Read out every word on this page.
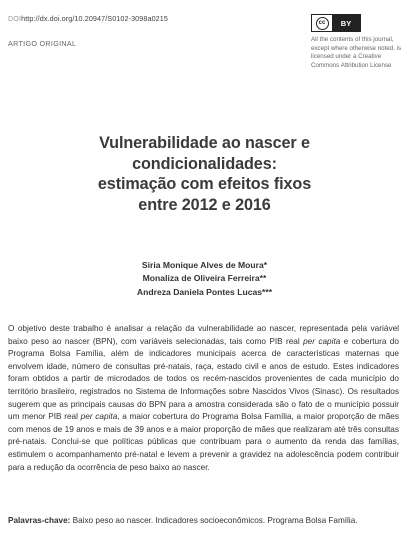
DOIhttp://dx.doi.org/10.20947/S0102-3098a0215
ARTIGO ORIGINAL
cc	BY
All the contents of this journal, except where otherwise noted, is licensed under a Creative Commons Attribution License
Vulnerabilidade ao nascer e
condicionalidades:
estimação com efeitos fixos
entre 2012 e 2016
Siria Monique Alves de Moura*
Monaliza de Oliveira Ferreira**
Andreza Daniela Pontes Lucas***

O objetivo deste trabalho é analisar a relação da vulnerabilidade ao nascer, representada pela variável baixo peso ao nascer (BPN), com variáveis selecionadas, tais como PIB real per capita e cobertura do Programa Bolsa Família, além de indicadores municipais acerca de características maternas que envolvem idade, número de consultas pré-natais, raça, estado civil e anos de estudo. Estes indicadores foram obtidos a partir de microdados de todos os recém-nascidos provenientes de cada município do território brasileiro, registrados no Sistema de Informações sobre Nascidos Vivos (Sinasc). Os resultados sugerem que as principais causas do BPN para a amostra considerada são o fato de o município possuir um menor PIB real per capita, a maior cobertura do Programa Bolsa Família, a maior proporção de mães com menos de 19 anos e mais de 39 anos e a maior proporção de mães que realizaram até três consultas pré-natais. Conclui-se que políticas públicas que contribuam para o aumento da renda das famílias, estimulem o acompanhamento pré-natal e levem a prevenir a gravidez na adolescência podem contribuir para a redução da ocorrência de peso baixo ao nascer.

Palavras-chave: Baixo peso ao nascer. Indicadores socioeconômicos. Programa Bolsa Família.
